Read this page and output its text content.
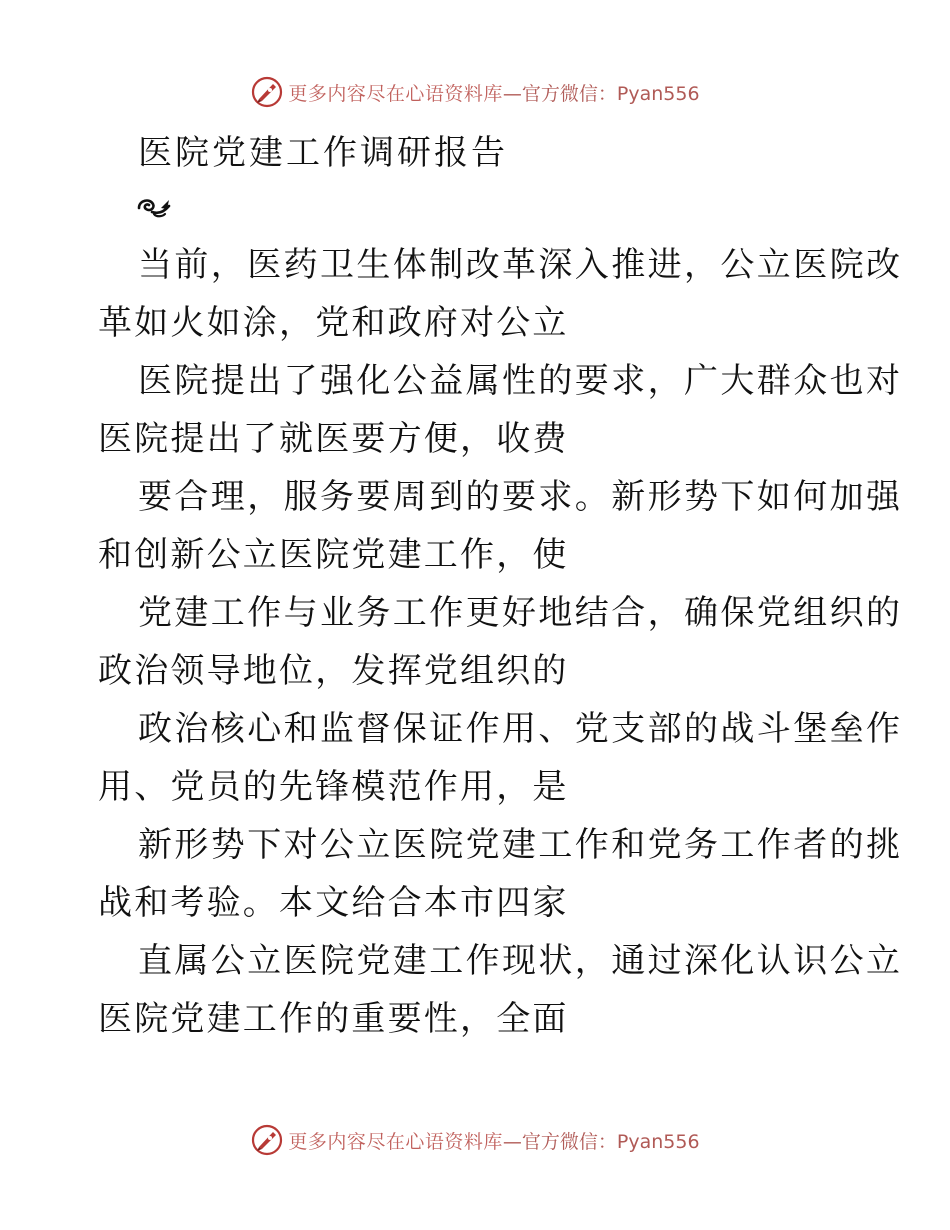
更多内容尽在心语资料库 —官方微信：Pyan556
医院党建工作调研报告

当前，医药卫生体制改革深入推进，公立医院改
革如火如涂，党和政府对公立

医院提出了强化公益属性的要求，广大群众也对
医院提出了就医要方便，收费

要合理，服务要周到的要求。新形势下如何加强
和创新公立医院党建工作，使

党建工作与业务工作更好地结合，确保党组织的
政治领导地位，发挥党组织的

政治核心和监督保证作用、党支部的战斗堡垒作
用、党员的先锋模范作用，是

新形势下对公立医院党建工作和党务工作者的挑
战和考验。本文给合本市四家

直属公立医院党建工作现状，通过深化认识公立
医院党建工作的重要性，全面

更多内容尽在心语资料库 —官方微信：Pyan556
